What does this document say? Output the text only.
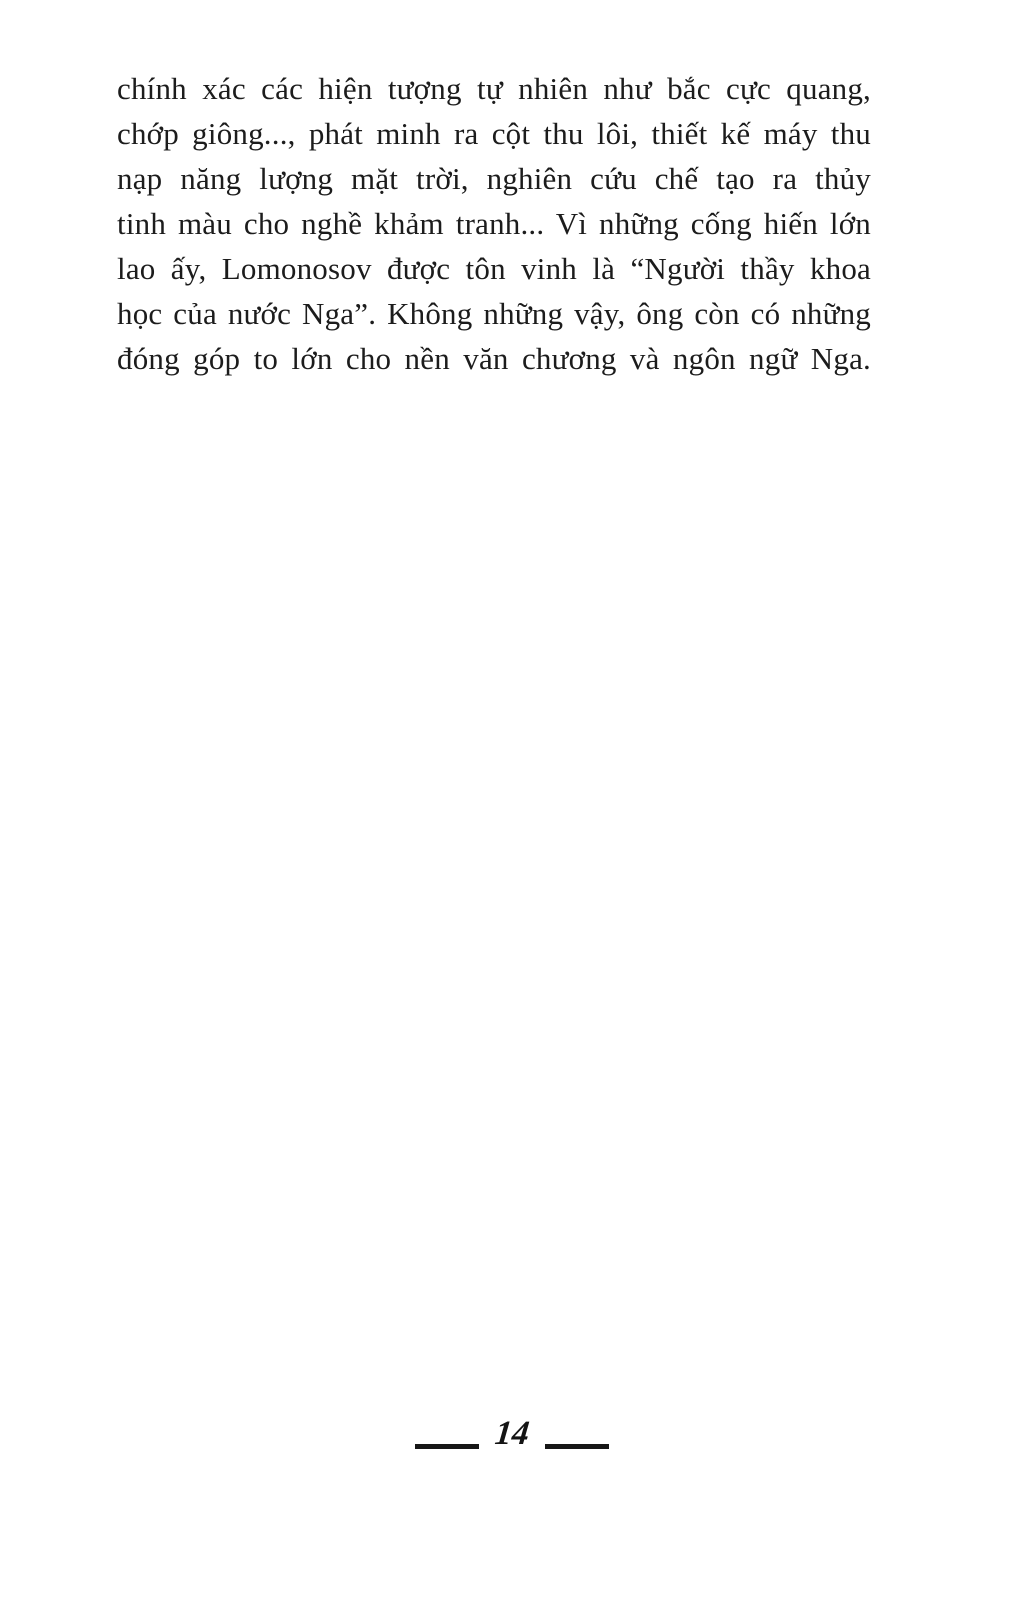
chính xác các hiện tượng tự nhiên như bắc cực quang,
chớp giông..., phát minh ra cột thu lôi, thiết kế máy thu
nạp năng lượng mặt trời, nghiên cứu chế tạo ra thủy
tinh màu cho nghề khảm tranh... Vì những cống hiến lớn
lao ấy, Lomonosov được tôn vinh là “Người thầy khoa
học của nước Nga”. Không những vậy, ông còn có những
đóng góp to lớn cho nền văn chương và ngôn ngữ Nga.
14
